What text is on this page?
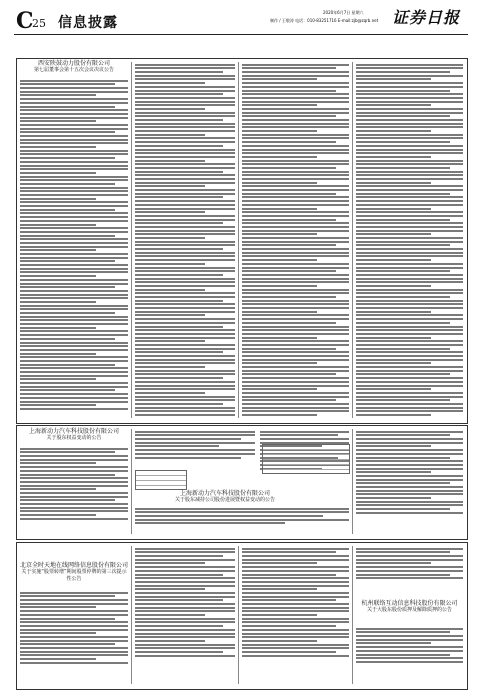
C
25 信息披露
2020年6月7日 星期六
制作 / 王敬涛 电话：010-83251716 E-mail:zjb@zqrb.net 证券日报
西安陕鼓动力股份有限公司
第七届董事会第十五次会议决议公告
上海新动力汽车科技股份有限公司
关于股东权益变动的公告
上海新动力汽车科技股份有限公司
关于股东减持公司股份进展暨权益变动的公告
北京全时天地在线网络信息股份有限公司
关于实施“股票转增”期间股票停牌的第三次提示性公告
杭州联络互动信息科技股份有限公司
关于大股东股份质押及解除质押的公告
